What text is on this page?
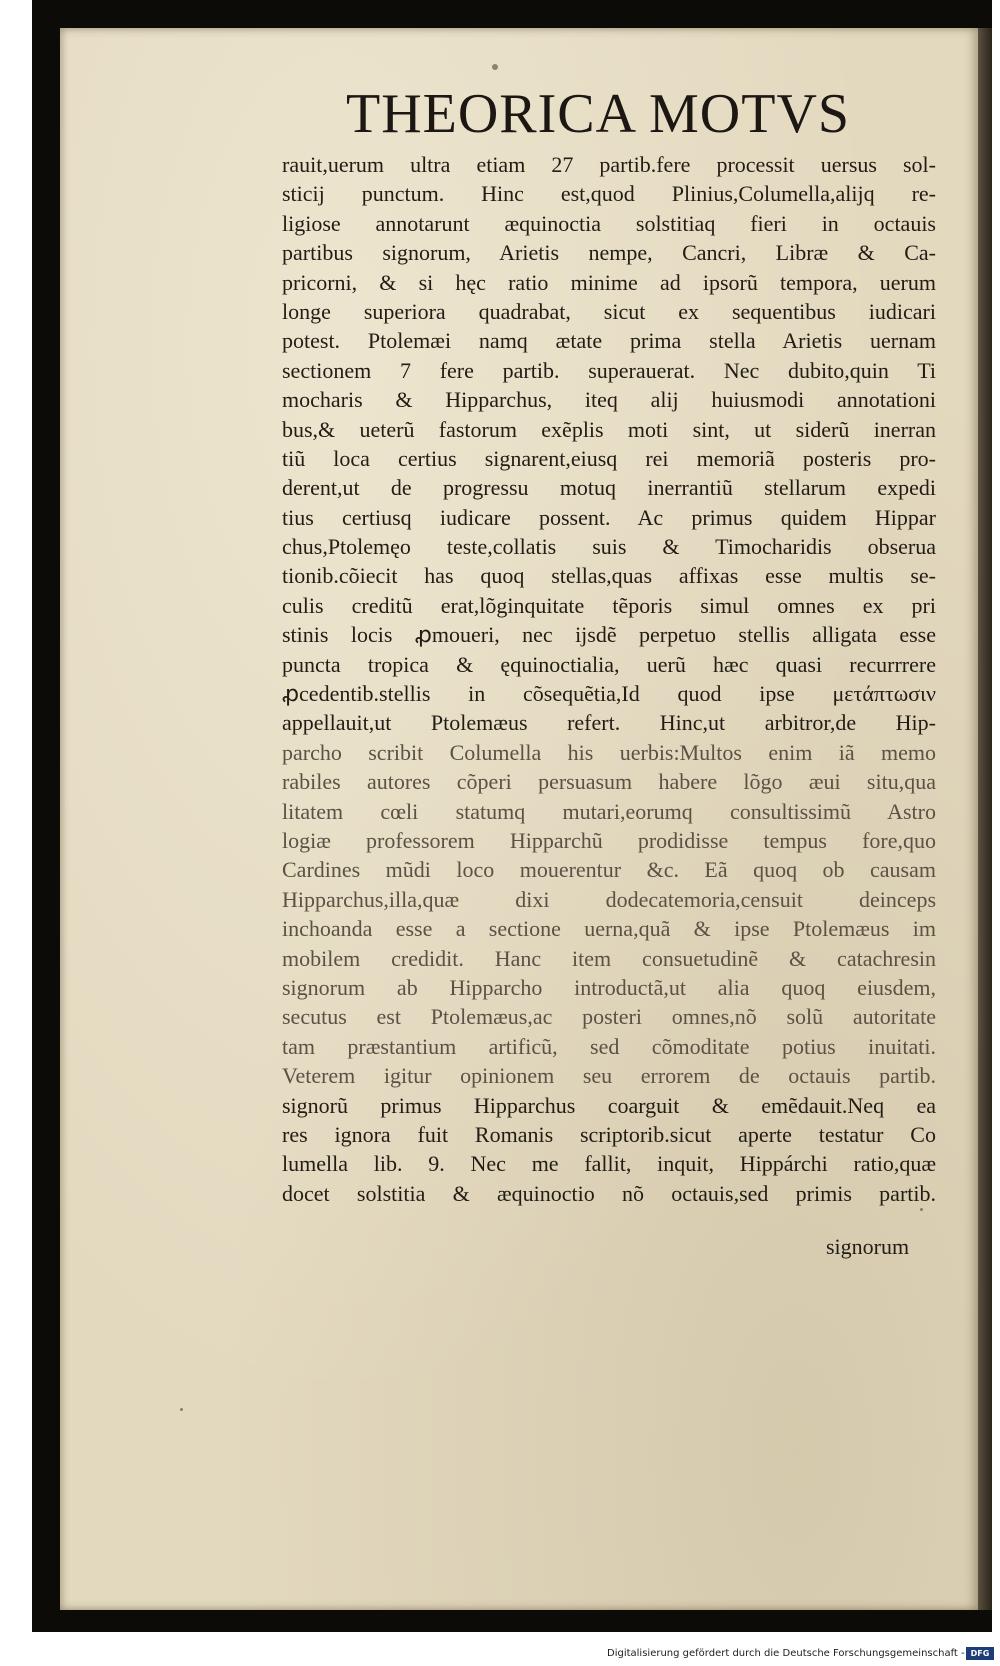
THEORICA MOTVS
rauit,uerum ultra etiam 27 partib.fere processit uersus sol-
sticij punctum. Hinc est,quod Plinius,Columella,alijq re-
ligiose annotarunt æquinoctia solstitiaq fieri in octauis
partibus signorum, Arietis nempe, Cancri, Libræ & Ca-
pricorni, & si hęc ratio minime ad ipsorũ tempora, uerum
longe superiora quadrabat, sicut ex sequentibus iudicari
potest. Ptolemæi namq ætate prima stella Arietis uernam
sectionem 7 fere partib. superauerat. Nec dubito,quin Ti
mocharis & Hipparchus, iteq alij huiusmodi annotationi
bus,& ueterũ fastorum exẽplis moti sint, ut siderũ inerran
tiũ loca certius signarent,eiusq rei memoriã posteris pro-
derent,ut de progressu motuq inerrantiũ stellarum expedi
tius certiusq iudicare possent. Ac primus quidem Hippar
chus,Ptolemęo teste,collatis suis & Timocharidis obserua
tionib.cõiecit has quoq stellas,quas affixas esse multis se-
culis creditũ erat,lõginquitate tẽporis simul omnes ex pri
stinis locis ꝓmoueri, nec ijsdẽ perpetuo stellis alligata esse
puncta tropica & ęquinoctialia, uerũ hæc quasi recurrrere
ꝓcedentib.stellis in cõsequẽtia,Id quod ipse μετάπτωσιν
appellauit,ut Ptolemæus refert. Hinc,ut arbitror,de Hip-
parcho scribit Columella his uerbis:Multos enim iã memo
rabiles autores cõperi persuasum habere lõgo æui situ,qua
litatem cœli statumq mutari,eorumq consultissimũ Astro
logiæ professorem Hipparchũ prodidisse tempus fore,quo
Cardines mũdi loco mouerentur &c. Eã quoq ob causam
Hipparchus,illa,quæ dixi dodecatemoria,censuit deinceps
inchoanda esse a sectione uerna,quã & ipse Ptolemæus im
mobilem credidit. Hanc item consuetudinẽ & catachresin
signorum ab Hipparcho introductã,ut alia quoq eiusdem,
secutus est Ptolemæus,ac posteri omnes,nõ solũ autoritate
tam præstantium artificũ, sed cõmoditate potius inuitati.
Veterem igitur opinionem seu errorem de octauis partib.
signorũ primus Hipparchus coarguit & emẽdauit.Neq ea
res ignora fuit Romanis scriptorib.sicut aperte testatur Co
lumella lib. 9. Nec me fallit, inquit, Hippárchi ratio,quæ
docet solstitia & æquinoctio nõ octauis,sed primis partib.
signorum
Digitalisierung gefördert durch die Deutsche Forschungsgemeinschaft - DFG
